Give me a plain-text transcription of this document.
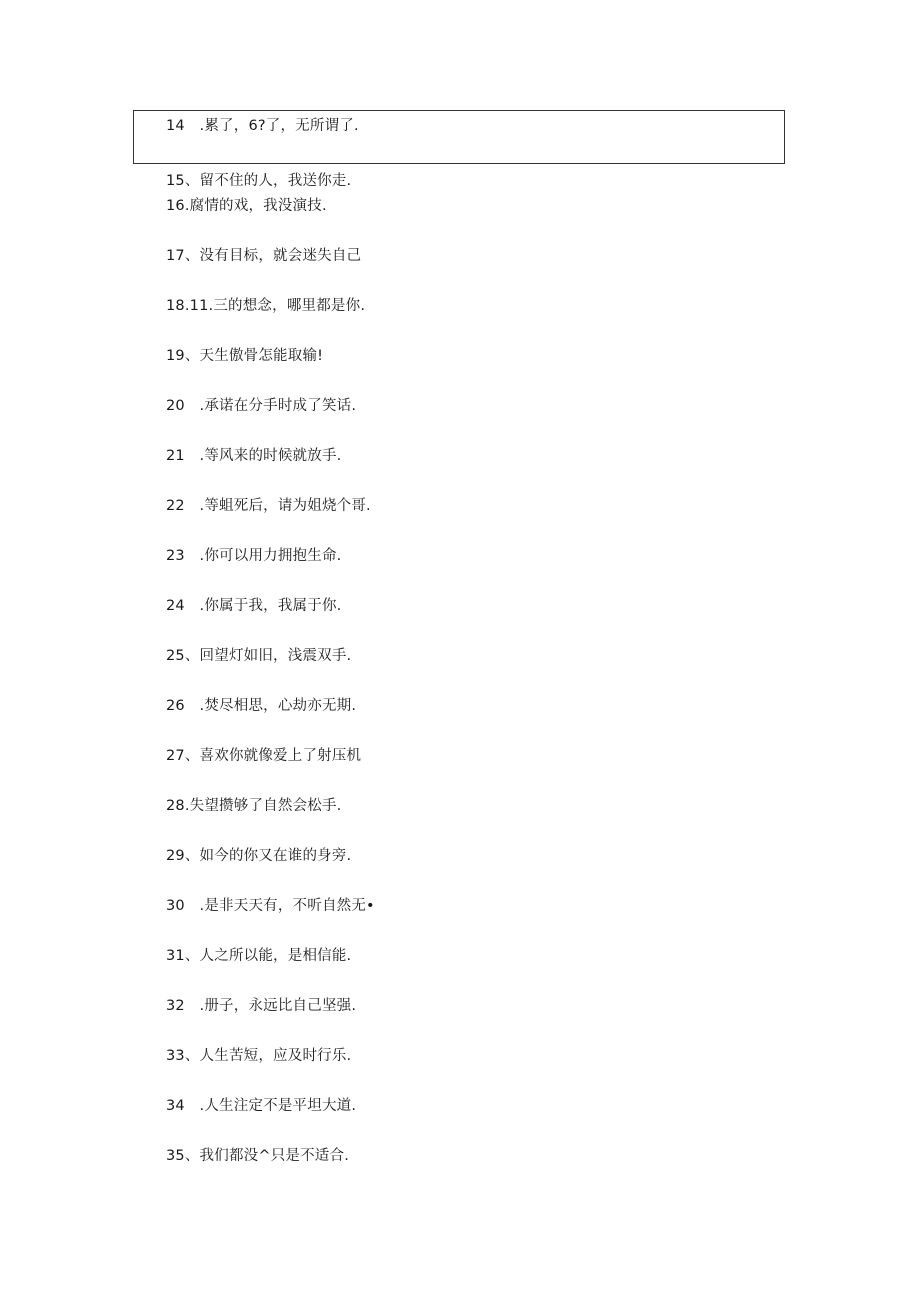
14　.累了，6?了，无所谓了.
15、留不住的人，我送你走.
16.腐情的戏，我没演技.
17、没有目标，就会迷失自己
18.11.三的想念，哪里都是你.
19、天生傲骨怎能取输!
20　.承诺在分手时成了笑话.
21　.等风来的时候就放手.
22　.等蛆死后，请为姐烧个哥.
23　.你可以用力拥抱生命.
24　.你属于我，我属于你.
25、回望灯如旧，浅震双手.
26　.焚尽相思，心劫亦无期.
27、喜欢你就像爱上了射压机
28.失望攒够了自然会松手.
29、如今的你又在谁的身旁.
30　.是非天天有，不听自然无•
31、人之所以能，是相信能.
32　.册子，永远比自己坚强.
33、人生苦短，应及时行乐.
34　.人生注定不是平坦大道.
35、我们都没^只是不适合.
